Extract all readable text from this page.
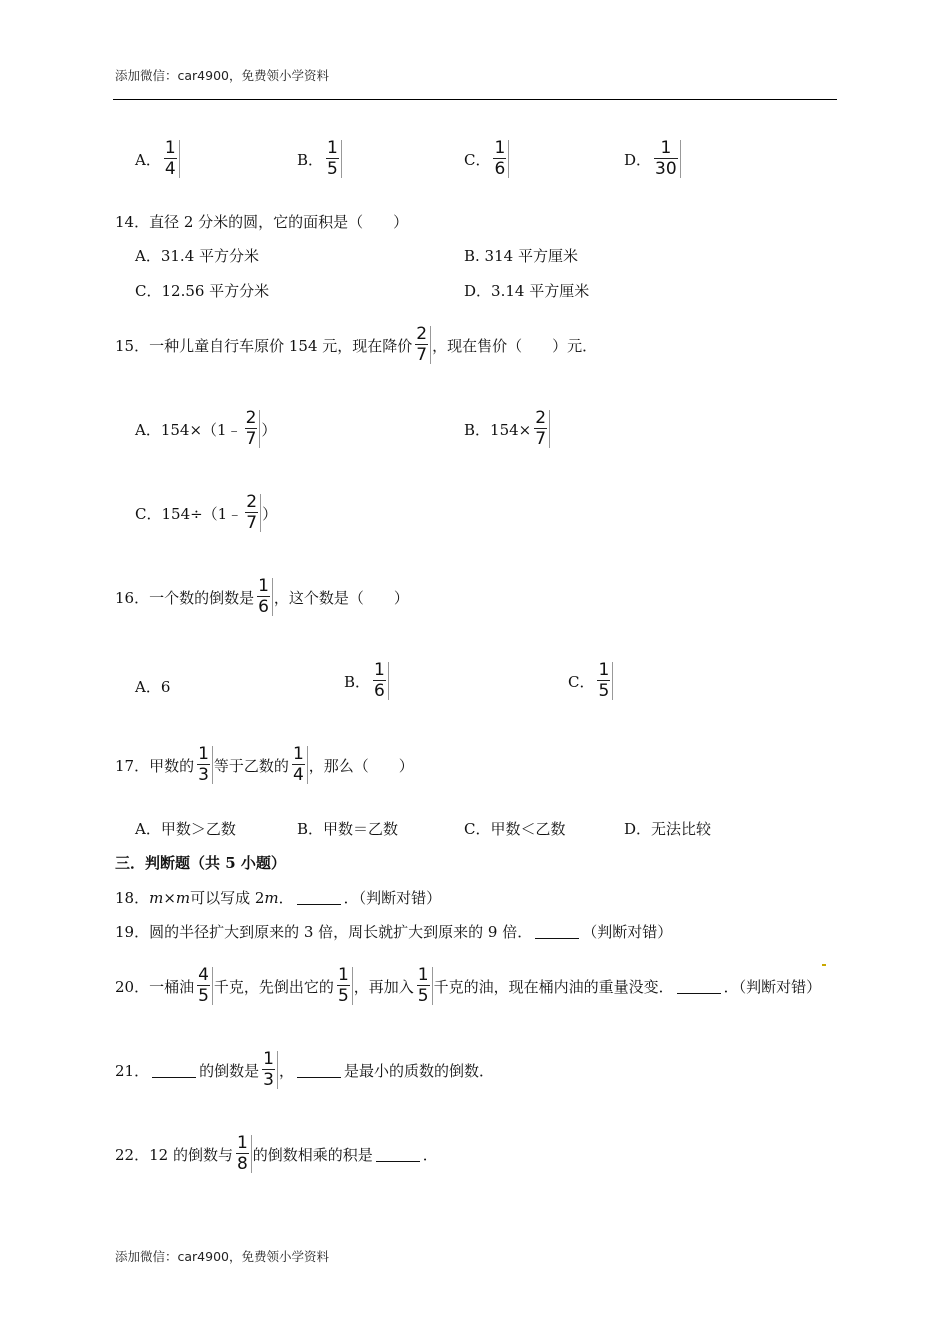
添加微信：car4900，免费领小学资料
A． $\frac{1}{4}$	B． $\frac{1}{5}$	C． $\frac{1}{6}$	D． $\frac{1}{30}$
14．直径 2 分米的圆，它的面积是（　　）
A．31.4 平方分米	B. 314 平方厘米
C．12.56 平方分米	D．3.14 平方厘米
15．一种儿童自行车原价 154 元，现在降价 $\frac{2}{7}$ ，现在售价（　　）元．
A．154×（1﹣ $\frac{2}{7}$ ）	B．$154\times \frac{2}{7}$
C．154÷（1﹣ $\frac{2}{7}$ ）
16．一个数的倒数是 $\frac{1}{6}$ ，这个数是（　　）
A．6	B． $\frac{1}{6}$	C． $\frac{1}{5}$
17．甲数的 $\frac{1}{3}$ 等于乙数的 $\frac{1}{4}$ ，那么（　　）
A．甲数＞乙数	B．甲数＝乙数	C．甲数＜乙数	D．无法比较
三．判断题（共 5 小题）
18． m×m 可以写成 2 m ．	．（判断对错）
19．圆的半径扩大到原来的 3 倍，周长就扩大到原来的 9 倍．	（判断对错）
20．一桶油 $\frac{4}{5}$ 千克，先倒出它的 $\frac{1}{5}$ ，再加入 $\frac{1}{5}$ 千克的油，现在桶内油的重量没变．	．（判断对错）
21．	的倒数是 $\frac{1}{3}$ ，	是最小的质数的倒数．
22．12 的倒数与 $\frac{1}{8}$ 的倒数相乘的积是	．
添加微信：car4900，免费领小学资料
